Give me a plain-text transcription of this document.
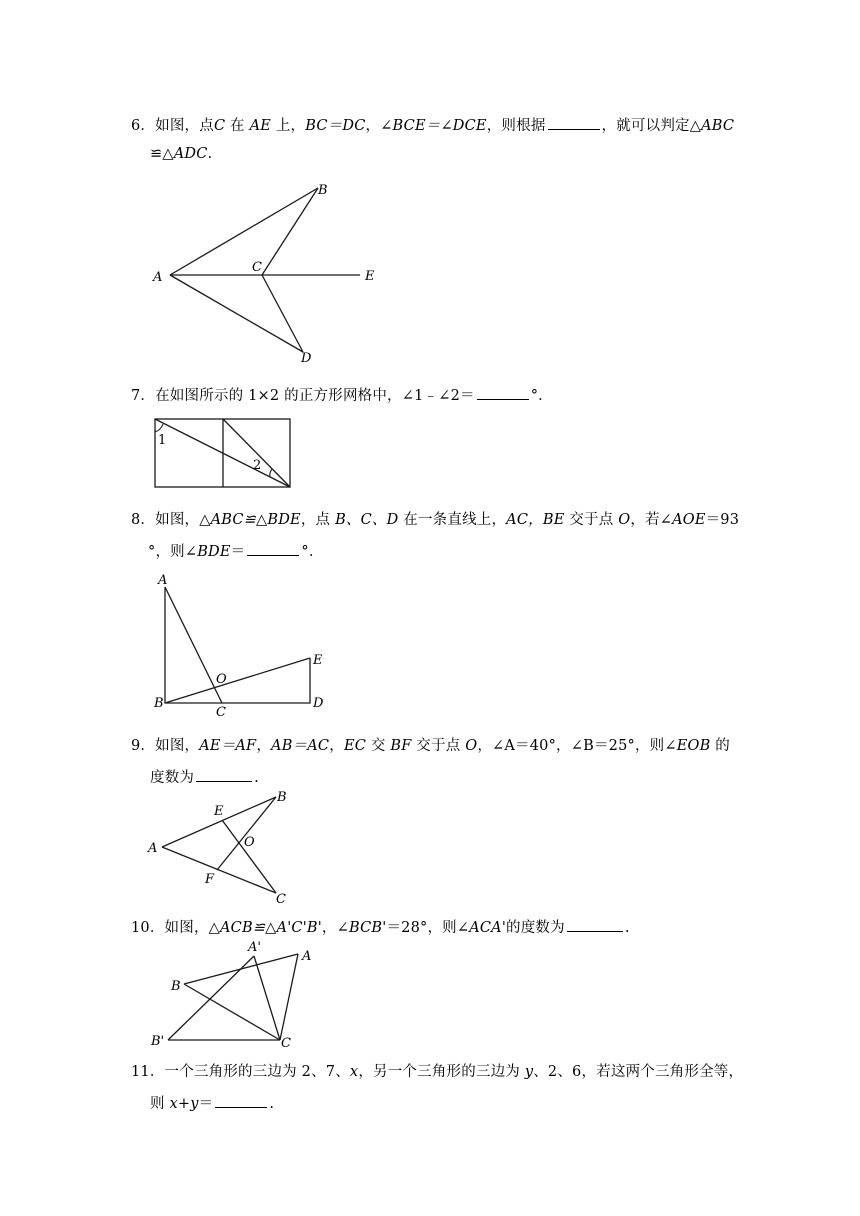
6．如图，点C 在 AE 上，BC＝DC，∠BCE＝∠DCE，则根据	，就可以判定△ABC
≌△ADC.
B
A
C
E
D
7．在如图所示的 1×2 的正方形网格中，∠1﹣∠2＝	°．
1
2
8．如图，△ABC≌△BDE，点 B、C、D 在一条直线上，AC，BE 交于点 O，若∠AOE＝93
°，则∠BDE＝	°．
A
B
C
D
E
O
9．如图，AE＝AF，AB＝AC，EC 交 BF 交于点 O，∠A＝40°，∠B＝25°，则∠EOB 的
度数为	.
A
B
C
E
F
O
10．如图，△ACB≌△A'C'B'，∠BCB'＝28°，则∠ACA'的度数为	.
A'
A
B
B'	C
11．一个三角形的三边为 2、7、x，另一个三角形的三边为 y、2、6，若这两个三角形全等，
则 x+y＝	.
